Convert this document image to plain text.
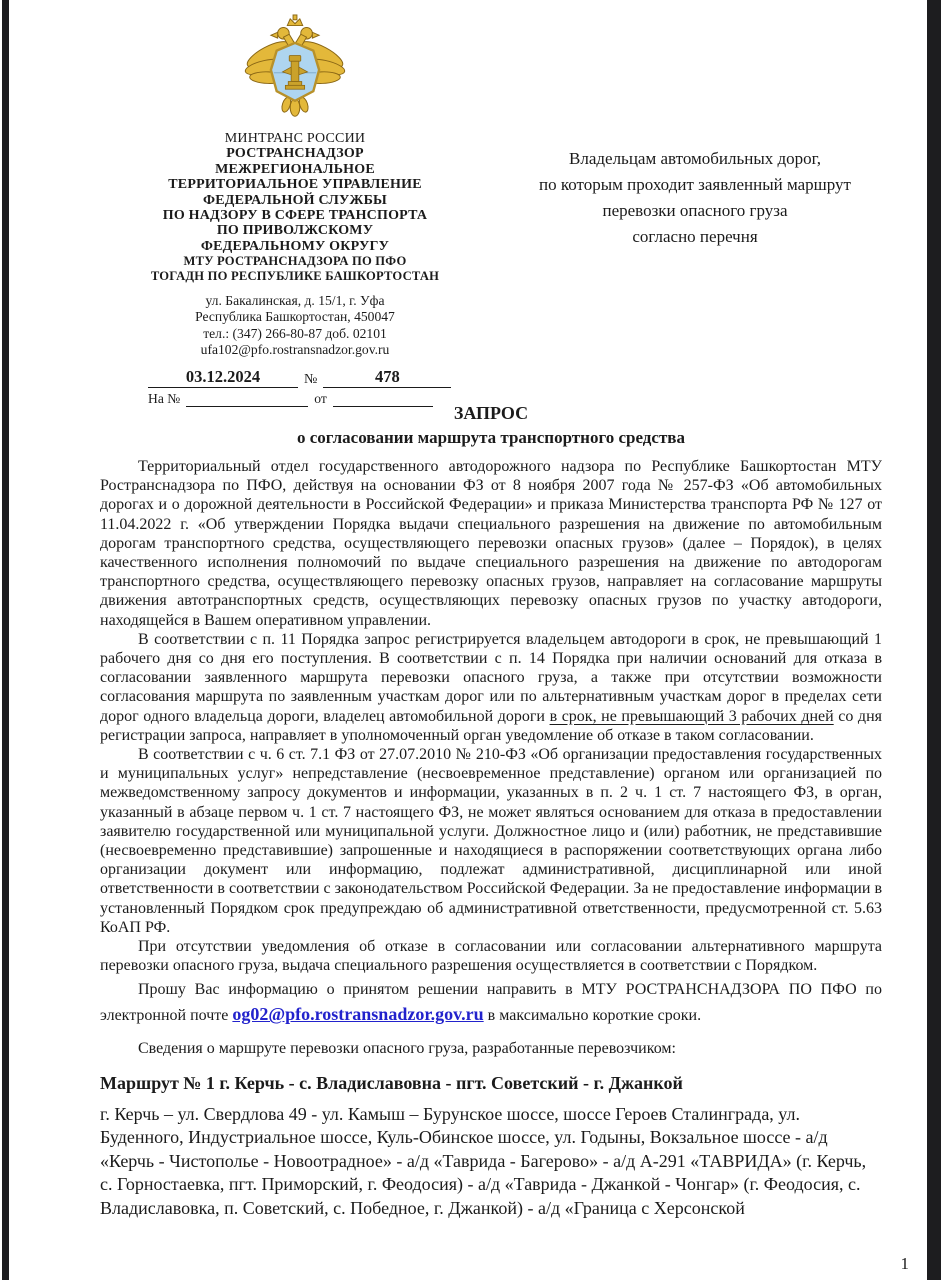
МИНТРАНС РОССИИ
РОСТРАНСНАДЗОР
МЕЖРЕГИОНАЛЬНОЕ
ТЕРРИТОРИАЛЬНОЕ УПРАВЛЕНИЕ
ФЕДЕРАЛЬНОЙ СЛУЖБЫ
ПО НАДЗОРУ В СФЕРЕ ТРАНСПОРТА
ПО ПРИВОЛЖСКОМУ
ФЕДЕРАЛЬНОМУ ОКРУГУ
МТУ РОСТРАНСНАДЗОРА ПО ПФО
ТОГАДН ПО РЕСПУБЛИКЕ БАШКОРТОСТАН
ул. Бакалинская, д. 15/1, г. Уфа
Республика Башкортостан, 450047
тел.: (347) 266-80-87 доб. 02101
ufa102@pfo.rostransnadzor.gov.ru
03.12.2024	№	478
На №	от
Владельцам автомобильных дорог,
по которым проходит заявленный маршрут
перевозки опасного груза
согласно перечня
ЗАПРОС
о согласовании маршрута транспортного средства

Территориальный отдел государственного автодорожного надзора по Республике Башкортостан МТУ Ространснадзора по ПФО, действуя на основании ФЗ от 8 ноября 2007 года № 257-ФЗ «Об автомобильных дорогах и о дорожной деятельности в Российской Федерации» и приказа Министерства транспорта РФ № 127 от 11.04.2022 г. «Об утверждении Порядка выдачи специального разрешения на движение по автомобильным дорогам транспортного средства, осуществляющего перевозки опасных грузов» (далее – Порядок), в целях качественного исполнения полномочий по выдаче специального разрешения на движение по автодорогам транспортного средства, осуществляющего перевозку опасных грузов, направляет на согласование маршруты движения автотранспортных средств, осуществляющих перевозку опасных грузов по участку автодороги, находящейся в Вашем оперативном управлении.

В соответствии с п. 11 Порядка запрос регистрируется владельцем автодороги в срок, не превышающий 1 рабочего дня со дня его поступления. В соответствии с п. 14 Порядка при наличии оснований для отказа в согласовании заявленного маршрута перевозки опасного груза, а также при отсутствии возможности согласования маршрута по заявленным участкам дорог или по альтернативным участкам дорог в пределах сети дорог одного владельца дороги, владелец автомобильной дороги в срок, не превышающий 3 рабочих дней со дня регистрации запроса, направляет в уполномоченный орган уведомление об отказе в таком согласовании.

В соответствии с ч. 6 ст. 7.1 ФЗ от 27.07.2010 № 210-ФЗ «Об организации предоставления государственных и муниципальных услуг» непредставление (несвоевременное представление) органом или организацией по межведомственному запросу документов и информации, указанных в п. 2 ч. 1 ст. 7 настоящего ФЗ, в орган, указанный в абзаце первом ч. 1 ст. 7 настоящего ФЗ, не может являться основанием для отказа в предоставлении заявителю государственной или муниципальной услуги. Должностное лицо и (или) работник, не представившие (несвоевременно представившие) запрошенные и находящиеся в распоряжении соответствующих органа либо организации документ или информацию, подлежат административной, дисциплинарной или иной ответственности в соответствии с законодательством Российской Федерации. За не предоставление информации в установленный Порядком срок предупреждаю об административной ответственности, предусмотренной ст. 5.63 КоАП РФ.

При отсутствии уведомления об отказе в согласовании или согласовании альтернативного маршрута перевозки опасного груза, выдача специального разрешения осуществляется в соответствии с Порядком.

Прошу Вас информацию о принятом решении направить в МТУ РОСТРАНСНАДЗОРА ПО ПФО по электронной почте og02@pfo.rostransnadzor.gov.ru в максимально короткие сроки.

Сведения о маршруте перевозки опасного груза, разработанные перевозчиком:

Маршрут № 1 г. Керчь - с. Владиславовна - пгт. Советский - г. Джанкой
г. Керчь – ул. Свердлова 49 - ул. Камыш – Бурунское шоссе, шоссе Героев Сталинграда, ул. Буденного, Индустриальное шоссе, Куль-Обинское шоссе, ул. Годыны, Вокзальное шоссе - а/д «Керчь - Чистополье - Новоотрадное» - а/д «Таврида - Багерово» - а/д А-291 «ТАВРИДА» (г. Керчь, с. Горностаевка, пгт. Приморский, г. Феодосия) - а/д «Таврида - Джанкой - Чонгар» (г. Феодосия, с. Владиславовка, п. Советский, с. Победное, г. Джанкой) - а/д «Граница с Херсонской
1
